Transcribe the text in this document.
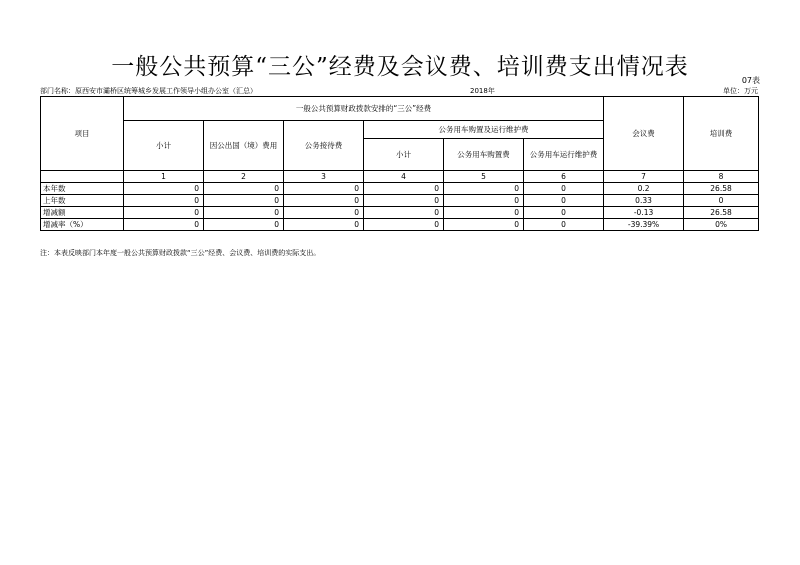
一般公共预算“三公”经费及会议费、培训费支出情况表
07表
部门名称：原西安市灞桥区统筹城乡发展工作领导小组办公室（汇总）	2018年	单位：万元
项目	一般公共预算财政拨款安排的“三公”经费						会议费	培训费
	小计	因公出国（境）费用	公务接待费	公务用车购置及运行维护费				
				小计	公务用车购置费	公务用车运行维护费		
	1	2	3	4	5	6	7	8
本年数	0	0	0	0	0	0	0.2	26.58
上年数	0	0	0	0	0	0	0.33	0
增减额	0	0	0	0	0	0	-0.13	26.58
增减率（%）	0	0	0	0	0	0	-39.39%	0%
注：本表反映部门本年度一般公共预算财政拨款“三公”经费、会议费、培训费的实际支出。
